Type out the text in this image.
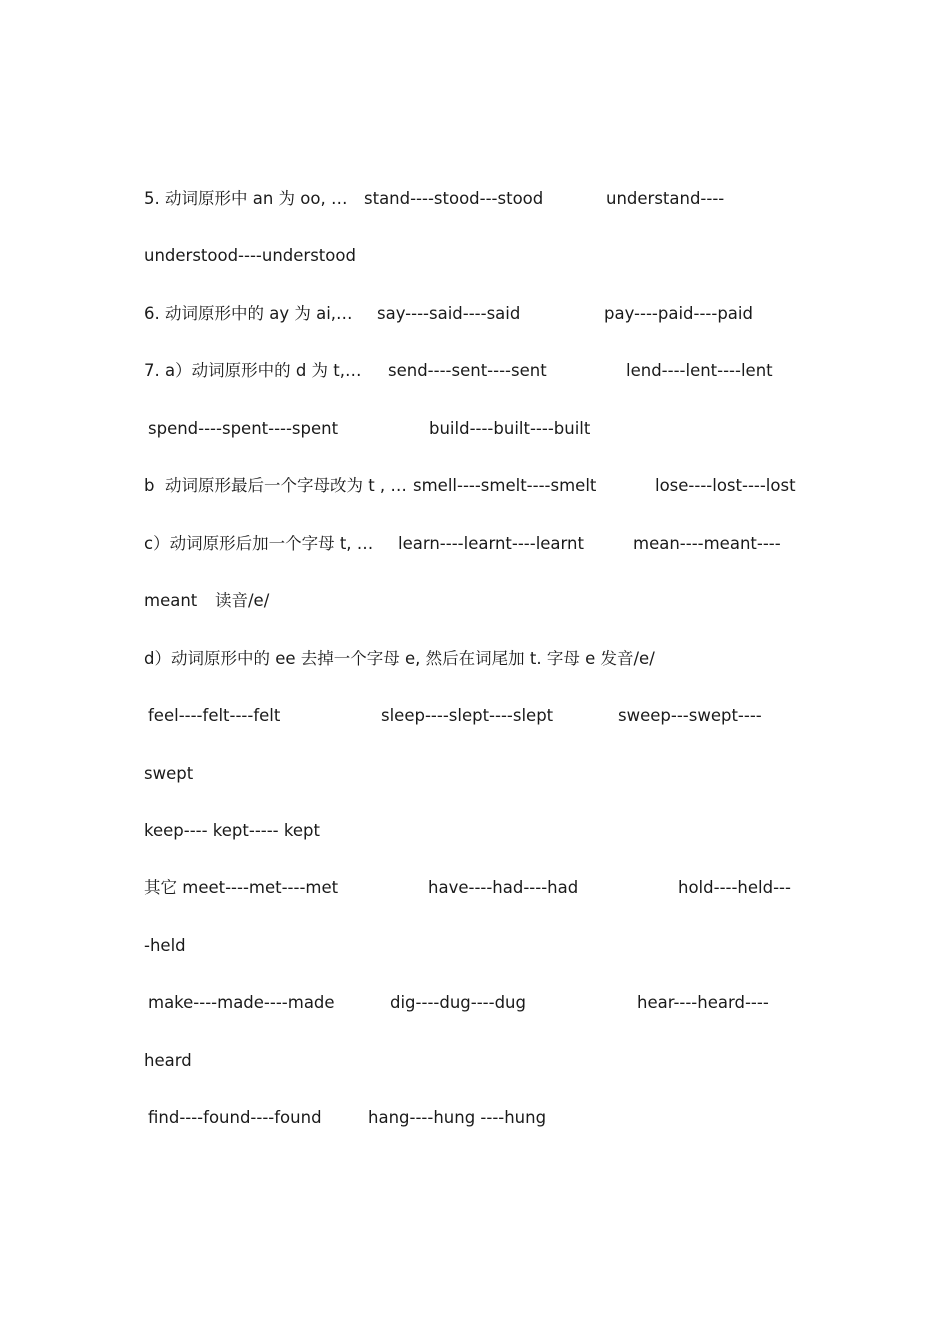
5. 动词原形中 an 为 oo, … stand----stood---stood	understand----
understood----understood
6. 动词原形中的 ay 为 ai,… say----said----said	pay----paid----paid
7. a）动词原形中的 d 为 t,… send----sent----sent	lend----lent----lent
spend----spent----spent	build----built----built
b  动词原形最后一个字母改为 t , … smell----smelt----smelt	lose----lost----lost
c）动词原形后加一个字母 t, … learn----learnt----learnt	mean----meant----
meant 读音/e/
d）动词原形中的 ee 去掉一个字母 e, 然后在词尾加 t. 字母 e 发音/e/
feel----felt----felt	sleep----slept----slept	sweep---swept----
swept
keep---- kept----- kept
其它 meet----met----met	have----had----had	hold----held---
-held
make----made----made	dig----dug----dug	hear----heard----
heard
find----found----found	hang----hung ----hung
